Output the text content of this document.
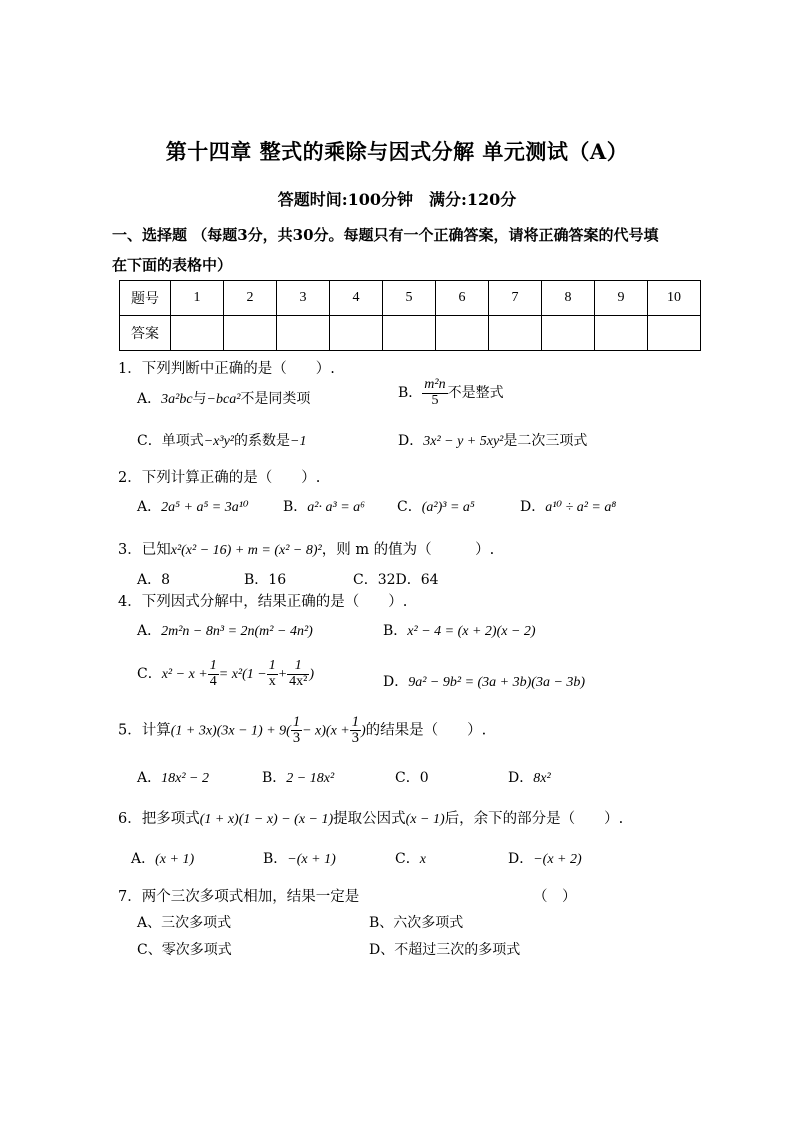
第十四章 整式的乘除与因式分解 单元测试（A）
答题时间:100分钟　满分:120分
一、选择题 （每题3分，共30分。每题只有一个正确答案，请将正确答案的代号填
在下面的表格中）
题号	1	2	3	4	5	6	7	8	9	10
答案										
1．下列判断中正确的是（　　）.
A．3a²bc与−bca²不是同类项	B． $\frac{\text{m²n}}{5}$ 不是整式
C．单项式−x³y²的系数是−1	D．3x² − y + 5xy²是二次三项式
2．下列计算正确的是（　　）.
A．2a⁵ + a⁵ = 3a¹⁰ B．a²· a³ = a⁶ C．(a²)³ = a⁵	D．a¹⁰ ÷ a² = a⁸
3．已知x²(x² − 16) + m = (x² − 8)²，则 m 的值为（　　　）.
A．8	B．16	C．32D．64
4．下列因式分解中，结果正确的是（　　）.
A．2m²n − 8n³ = 2n(m² − 4n²)	B．x² − 4 = (x + 2)(x − 2)
C．$x^2 - x + \frac{1}{4} = x^2(1 - \frac{1}{x} + \frac{1}{\text{4x²}}$ )	D．9a² − 9b² = (3a + 3b)(3a − 3b)
5．计算$(1 + 3x)(3x - 1) + 9( \frac{1}{3} - x)(x + \frac{1}{3}$ )的结果是（　　）.
A．18x² − 2	B．2 − 18x²	C．0	D．8x²
6．把多项式(1 + x)(1 − x) − (x − 1)提取公因式(x − 1)后，余下的部分是（　　）.
A．(x + 1)	B．−(x + 1)	C．x	D．−(x + 2)
7．两个三次多项式相加，结果一定是	（　）
A、三次多项式	B、六次多项式
C、零次多项式	D、不超过三次的多项式
